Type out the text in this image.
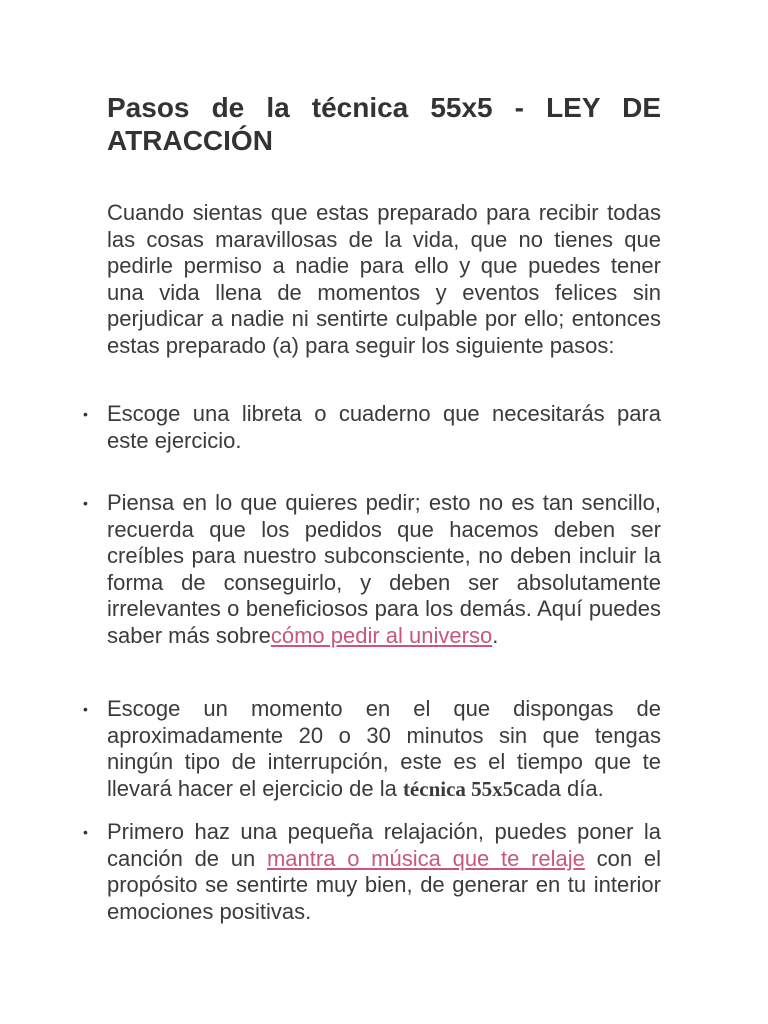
Pasos de la técnica 55x5 - LEY DE ATRACCIÓN

Cuando sientas que estas preparado para recibir todas las cosas maravillosas de la vida, que no tienes que pedirle permiso a nadie para ello y que puedes tener una vida llena de momentos y eventos felices sin perjudicar a nadie ni sentirte culpable por ello; entonces estas preparado (a) para seguir los siguiente pasos:

• Escoge una libreta o cuaderno que necesitarás para este ejercicio.
• Piensa en lo que quieres pedir; esto no es tan sencillo, recuerda que los pedidos que hacemos deben ser creíbles para nuestro subconsciente, no deben incluir la forma de conseguirlo, y deben ser absolutamente irrelevantes o beneficiosos para los demás. Aquí puedes saber más sobrecómo pedir al universo.
• Escoge un momento en el que dispongas de aproximadamente 20 o 30 minutos sin que tengas ningún tipo de interrupción, este es el tiempo que te llevará hacer el ejercicio de la técnica 55x5cada día.
• Primero haz una pequeña relajación, puedes poner la canción de un mantra o música que te relaje con el propósito se sentirte muy bien, de generar en tu interior emociones positivas.
